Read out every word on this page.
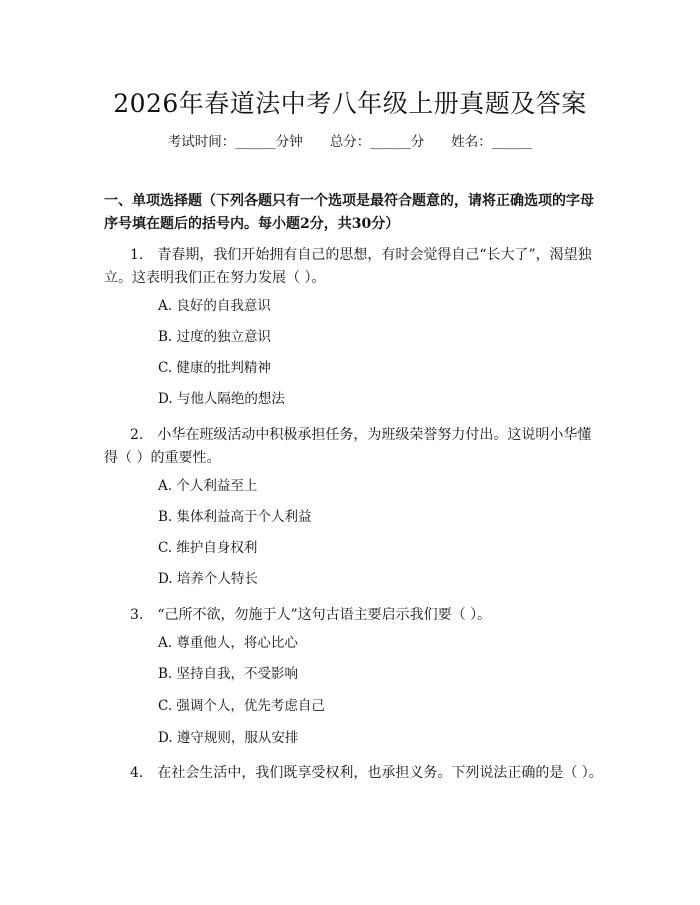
2026年春道法中考八年级上册真题及答案
考试时间：______分钟　　总分：______分　　姓名：______
一、单项选择题（下列各题只有一个选项是最符合题意的，请将正确选项的字母序号填在题后的括号内。每小题2分，共30分）
1.　青春期，我们开始拥有自己的思想，有时会觉得自己“长大了”，渴望独立。这表明我们正在努力发展（ ）。
A. 良好的自我意识
B. 过度的独立意识
C. 健康的批判精神
D. 与他人隔绝的想法
2.　小华在班级活动中积极承担任务，为班级荣誉努力付出。这说明小华懂得（ ）的重要性。
A. 个人利益至上
B. 集体利益高于个人利益
C. 维护自身权利
D. 培养个人特长
3.　“己所不欲，勿施于人”这句古语主要启示我们要（ ）。
A. 尊重他人，将心比心
B. 坚持自我，不受影响
C. 强调个人，优先考虑自己
D. 遵守规则，服从安排
4.　在社会生活中，我们既享受权利，也承担义务。下列说法正确的是（ ）。
